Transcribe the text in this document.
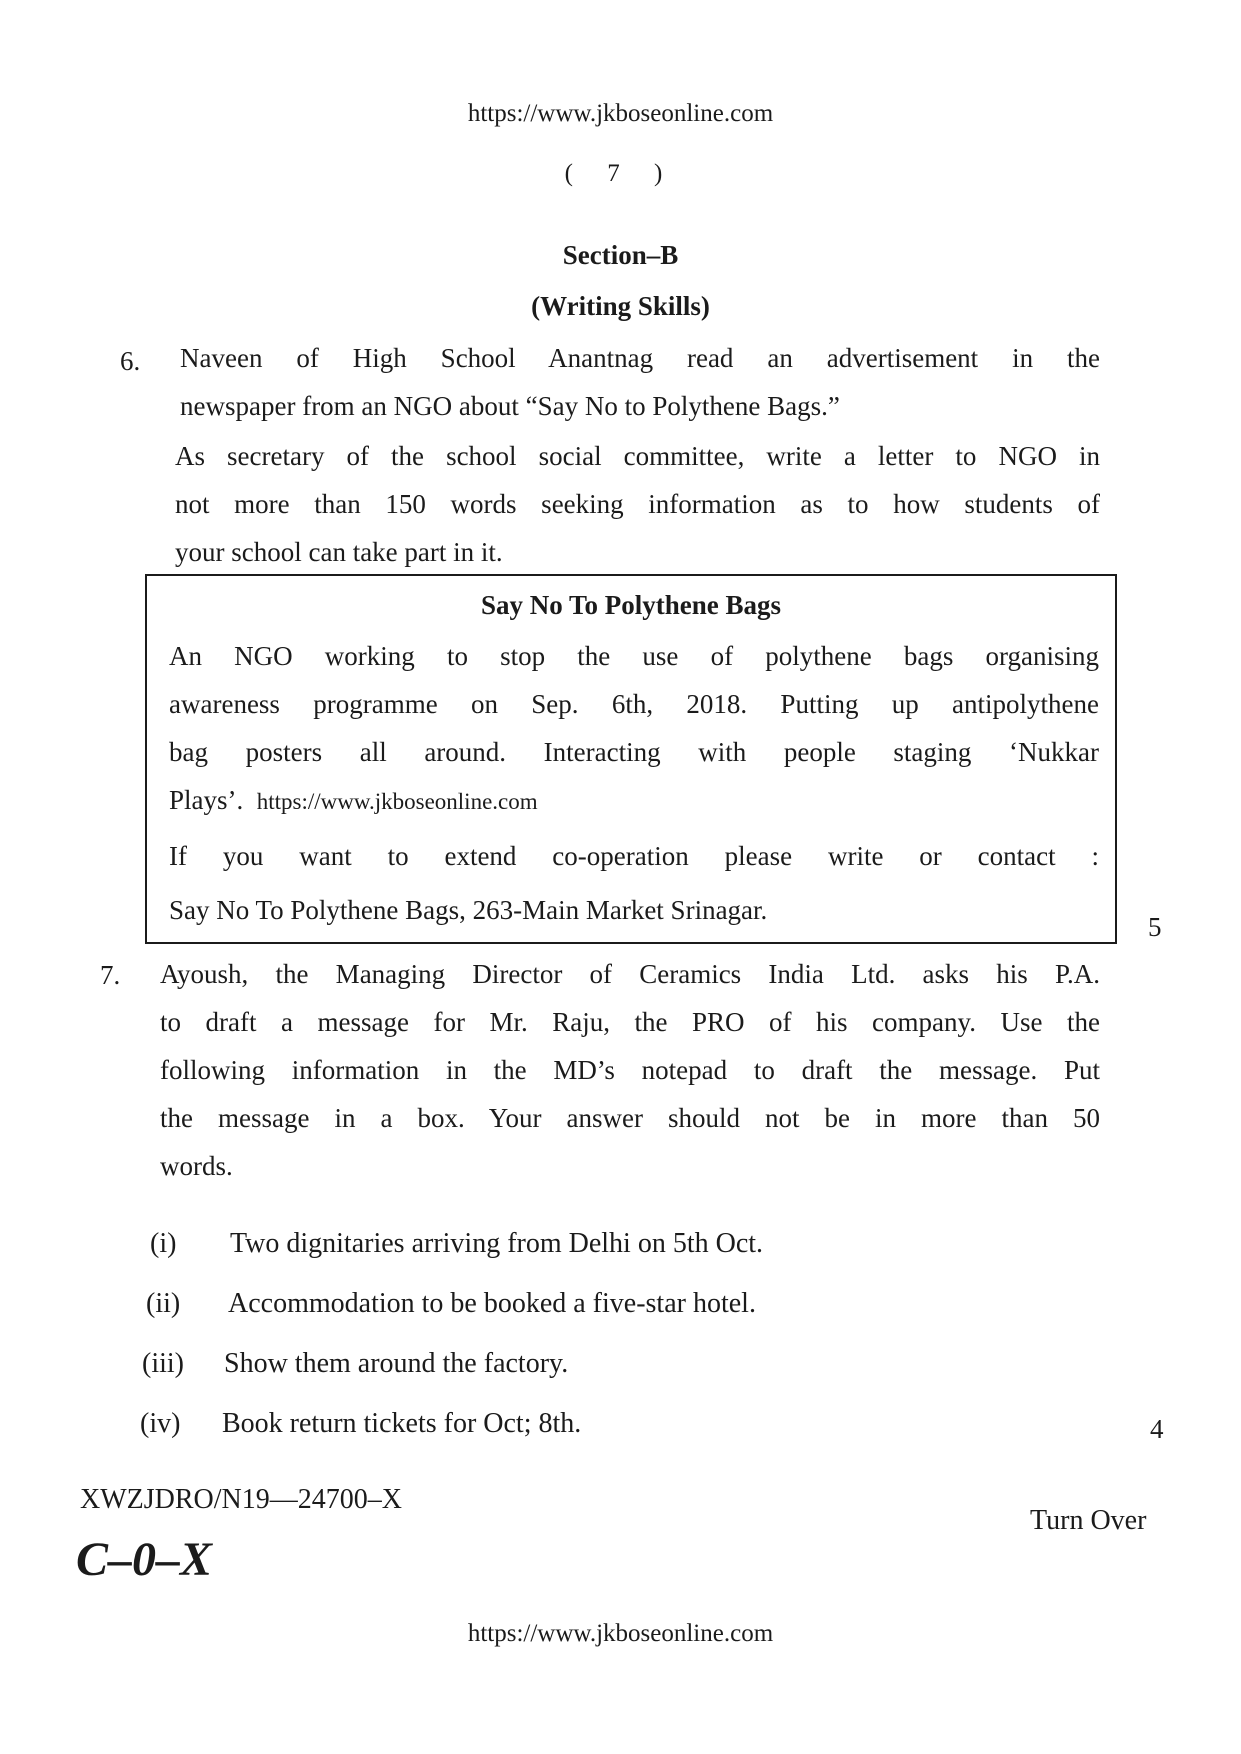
https://www.jkboseonline.com
( 7 )
Section–B
(Writing Skills)
6. Naveen of High School Anantnag read an advertisement in the
newspaper from an NGO about “Say No to Polythene Bags.”
As secretary of the school social committee, write a letter to NGO in
not more than 150 words seeking information as to how students of
your school can take part in it.
Say No To Polythene Bags
An NGO working to stop the use of polythene bags organising
awareness programme on Sep. 6th, 2018. Putting up antipolythene
bag posters all around. Interacting with people staging ‘Nukkar
Plays’. https://www.jkboseonline.com
If you want to extend co-operation please write or contact :
Say No To Polythene Bags, 263-Main Market Srinagar.
5
7. Ayoush, the Managing Director of Ceramics India Ltd. asks his P.A.
to draft a message for Mr. Raju, the PRO of his company. Use the
following information in the MD’s notepad to draft the message. Put
the message in a box. Your answer should not be in more than 50
words.
(i) Two dignitaries arriving from Delhi on 5th Oct.
(ii) Accommodation to be booked a five-star hotel.
(iii) Show them around the factory.
(iv) Book return tickets for Oct; 8th.	4
XWZJDRO/N19—24700–X
C–0–X
Turn Over
https://www.jkboseonline.com
